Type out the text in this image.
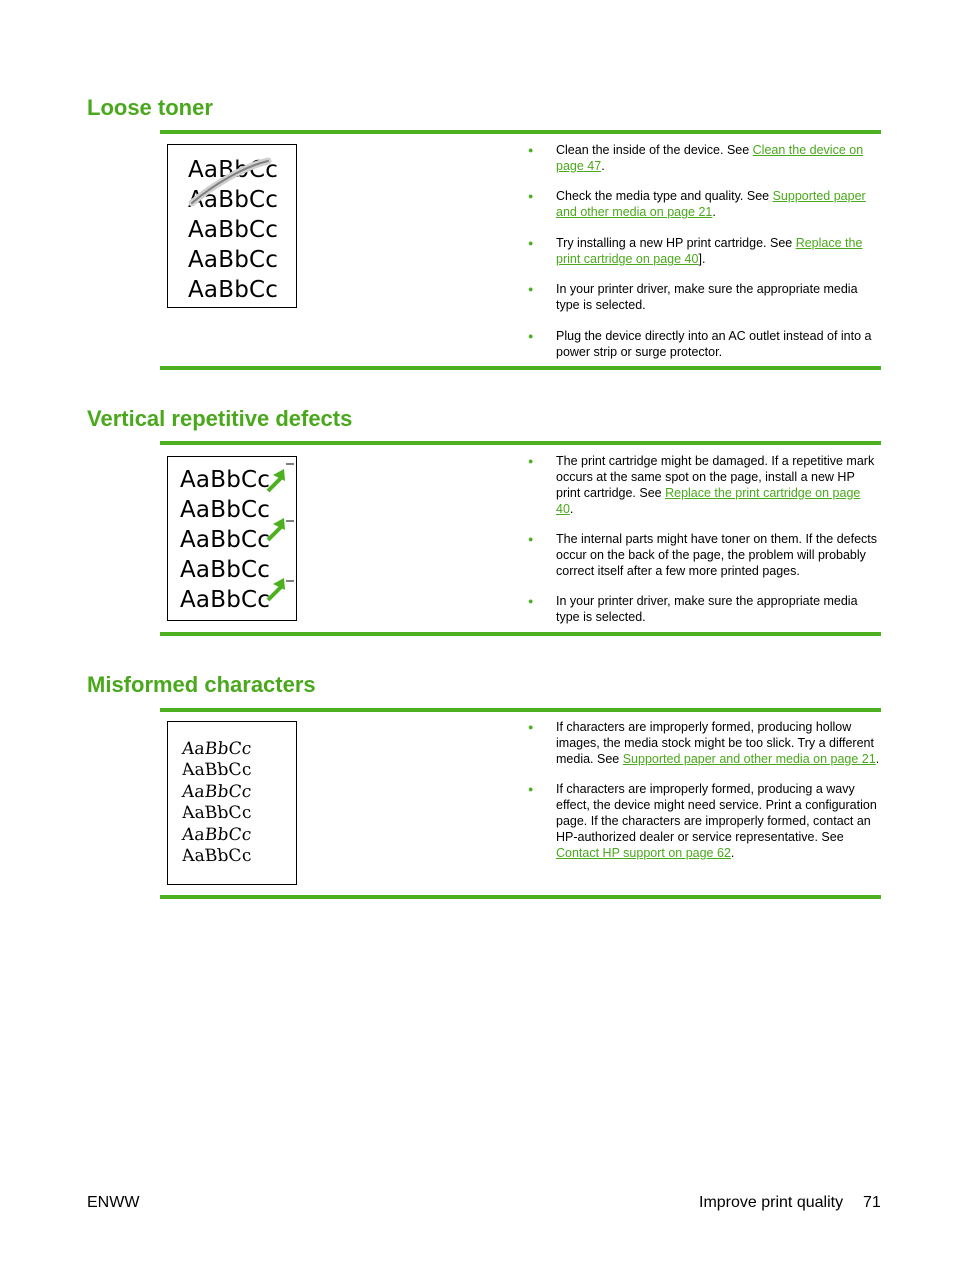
Loose toner
AaBbCc
AaBbCc
AaBbCc
AaBbCc
AaBbCc
● Clean the inside of the device. See Clean the device on page 47.
● Check the media type and quality. See Supported paper and other media on page 21.
● Try installing a new HP print cartridge. See Replace the print cartridge on page 40].
● In your printer driver, make sure the appropriate media type is selected.
● Plug the device directly into an AC outlet instead of into a power strip or surge protector.
Vertical repetitive defects
AaBbCc
AaBbCc
AaBbCc
AaBbCc
AaBbCc
● The print cartridge might be damaged. If a repetitive mark occurs at the same spot on the page, install a new HP print cartridge. See Replace the print cartridge on page 40.
● The internal parts might have toner on them. If the defects occur on the back of the page, the problem will probably correct itself after a few more printed pages.
● In your printer driver, make sure the appropriate media type is selected.
Misformed characters
AaBbCc
AaBbCc
AaBbCc
AaBbCc
AaBbCc
AaBbCc
● If characters are improperly formed, producing hollow images, the media stock might be too slick. Try a different media. See Supported paper and other media on page 21.
● If characters are improperly formed, producing a wavy effect, the device might need service. Print a configuration page. If the characters are improperly formed, contact an HP-authorized dealer or service representative. See Contact HP support on page 62.
ENWW	Improve print quality 71
